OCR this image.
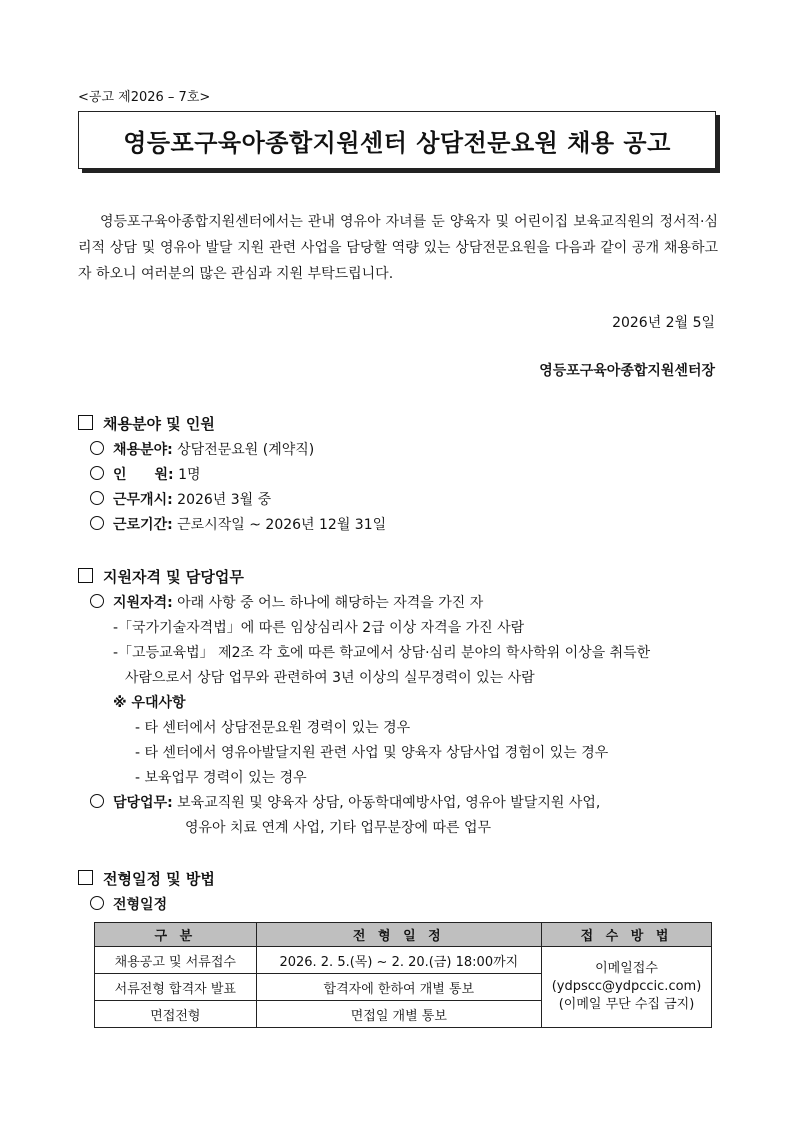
<공고 제2026 – 7호>
영등포구육아종합지원센터 상담전문요원 채용 공고
영등포구육아종합지원센터에서는 관내 영유아 자녀를 둔 양육자 및 어린이집 보육교직원의 정서적·심리적 상담 및 영유아 발달 지원 관련 사업을 담당할 역량 있는 상담전문요원을 다음과 같이 공개 채용하고자 하오니 여러분의 많은 관심과 지원 부탁드립니다.
2026년 2월 5일
영등포구육아종합지원센터장
채용분야 및 인원
채용분야: 상담전문요원 (계약직)
인　　원: 1명
근무개시: 2026년 3월 중
근로기간: 근로시작일 ~ 2026년 12월 31일
지원자격 및 담당업무
지원자격: 아래 사항 중 어느 하나에 해당하는 자격을 가진 자
-「국가기술자격법」에 따른 임상심리사 2급 이상 자격을 가진 사람
-「고등교육법」 제2조 각 호에 따른 학교에서 상담·심리 분야의 학사학위 이상을 취득한
사람으로서 상담 업무와 관련하여 3년 이상의 실무경력이 있는 사람
※ 우대사항
- 타 센터에서 상담전문요원 경력이 있는 경우
- 타 센터에서 영유아발달지원 관련 사업 및 양육자 상담사업 경험이 있는 경우
- 보육업무 경력이 있는 경우
담당업무: 보육교직원 및 양육자 상담, 아동학대예방사업, 영유아 발달지원 사업,
영유아 치료 연계 사업, 기타 업무분장에 따른 업무
전형일정 및 방법
전형일정
구 분	전 형 일 정	접 수 방 법
채용공고 및 서류접수	2026. 2. 5.(목) ~ 2. 20.(금) 18:00까지	이메일접수
(ydpscc@ydpccic.com)
(이메일 무단 수집 금지)

서류전형 합격자 발표	합격자에 한하여 개별 통보	
면접전형	면접일 개별 통보	
